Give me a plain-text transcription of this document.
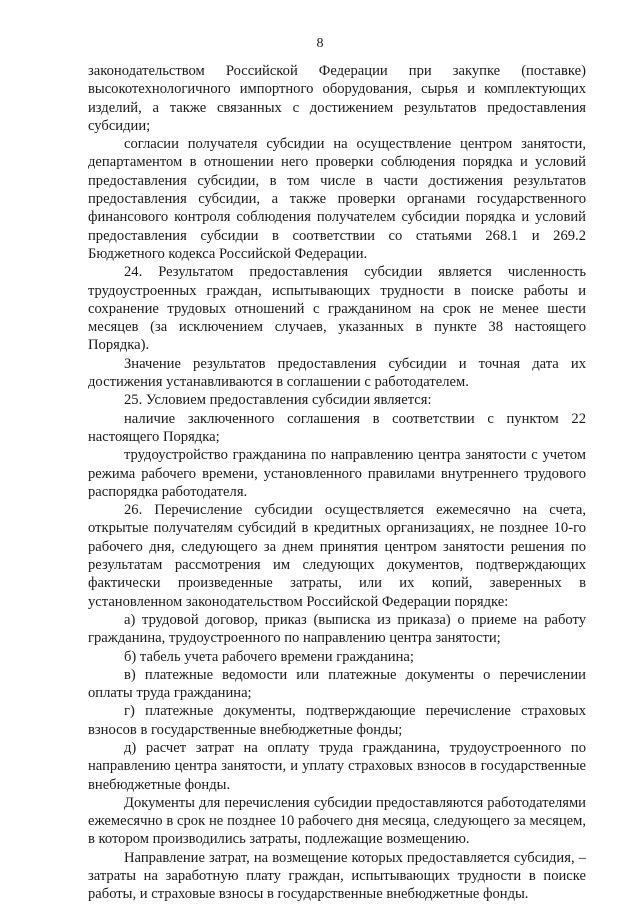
8

законодательством Российской Федерации при закупке (поставке) высокотехнологичного импортного оборудования, сырья и комплектующих изделий, а также связанных с достижением результатов предоставления субсидии;

согласии получателя субсидии на осуществление центром занятости, департаментом в отношении него проверки соблюдения порядка и условий предоставления субсидии, в том числе в части достижения результатов предоставления субсидии, а также проверки органами государственного финансового контроля соблюдения получателем субсидии порядка и условий предоставления субсидии в соответствии со статьями 268.1 и 269.2 Бюджетного кодекса Российской Федерации.

24. Результатом предоставления субсидии является численность трудоустроенных граждан, испытывающих трудности в поиске работы и сохранение трудовых отношений с гражданином на срок не менее шести месяцев (за исключением случаев, указанных в пункте 38 настоящего Порядка).

Значение результатов предоставления субсидии и точная дата их достижения устанавливаются в соглашении с работодателем.

25. Условием предоставления субсидии является:

наличие заключенного соглашения в соответствии с пунктом 22 настоящего Порядка;

трудоустройство гражданина по направлению центра занятости с учетом режима рабочего времени, установленного правилами внутреннего трудового распорядка работодателя.

26. Перечисление субсидии осуществляется ежемесячно на счета, открытые получателям субсидий в кредитных организациях, не позднее 10-го рабочего дня, следующего за днем принятия центром занятости решения по результатам рассмотрения им следующих документов, подтверждающих фактически произведенные затраты, или их копий, заверенных в установленном законодательством Российской Федерации порядке:

а) трудовой договор, приказ (выписка из приказа) о приеме на работу гражданина, трудоустроенного по направлению центра занятости;

б) табель учета рабочего времени гражданина;

в) платежные ведомости или платежные документы о перечислении оплаты труда гражданина;

г) платежные документы, подтверждающие перечисление страховых взносов в государственные внебюджетные фонды;

д) расчет затрат на оплату труда гражданина, трудоустроенного по направлению центра занятости, и уплату страховых взносов в государственные внебюджетные фонды.

Документы для перечисления субсидии предоставляются работодателями ежемесячно в срок не позднее 10 рабочего дня месяца, следующего за месяцем, в котором производились затраты, подлежащие возмещению.

Направление затрат, на возмещение которых предоставляется субсидия, – затраты на заработную плату граждан, испытывающих трудности в поиске работы, и страховые взносы в государственные внебюджетные фонды.
